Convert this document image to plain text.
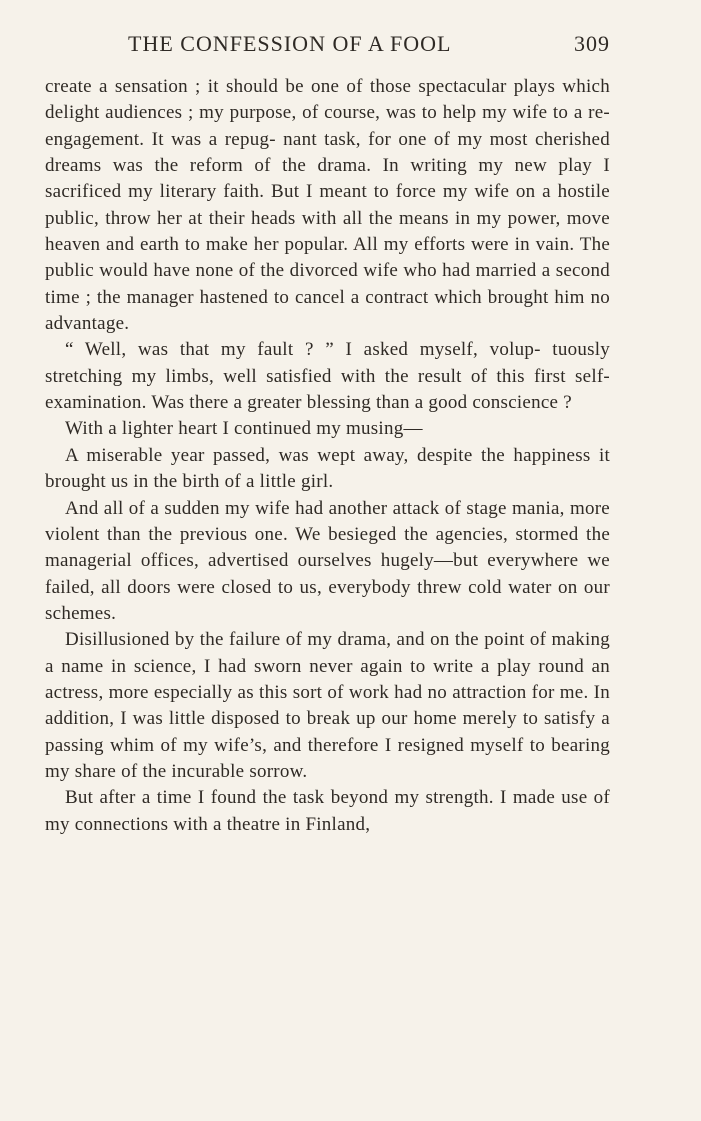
THE CONFESSION OF A FOOL	309

create a sensation ; it should be one of those spectacular plays which delight audiences ; my purpose, of course, was to help my wife to a re-engagement. It was a repug- nant task, for one of my most cherished dreams was the reform of the drama. In writing my new play I sacrificed my literary faith. But I meant to force my wife on a hostile public, throw her at their heads with all the means in my power, move heaven and earth to make her popular. All my efforts were in vain. The public would have none of the divorced wife who had married a second time ; the manager hastened to cancel a contract which brought him no advantage.

“ Well, was that my fault ? ” I asked myself, volup- tuously stretching my limbs, well satisfied with the result of this first self-examination. Was there a greater blessing than a good conscience ?

With a lighter heart I continued my musing—

A miserable year passed, was wept away, despite the happiness it brought us in the birth of a little girl.

And all of a sudden my wife had another attack of stage mania, more violent than the previous one. We besieged the agencies, stormed the managerial offices, advertised ourselves hugely—but everywhere we failed, all doors were closed to us, everybody threw cold water on our schemes.

Disillusioned by the failure of my drama, and on the point of making a name in science, I had sworn never again to write a play round an actress, more especially as this sort of work had no attraction for me. In addition, I was little disposed to break up our home merely to satisfy a passing whim of my wife’s, and therefore I resigned myself to bearing my share of the incurable sorrow.

But after a time I found the task beyond my strength. I made use of my connections with a theatre in Finland,
